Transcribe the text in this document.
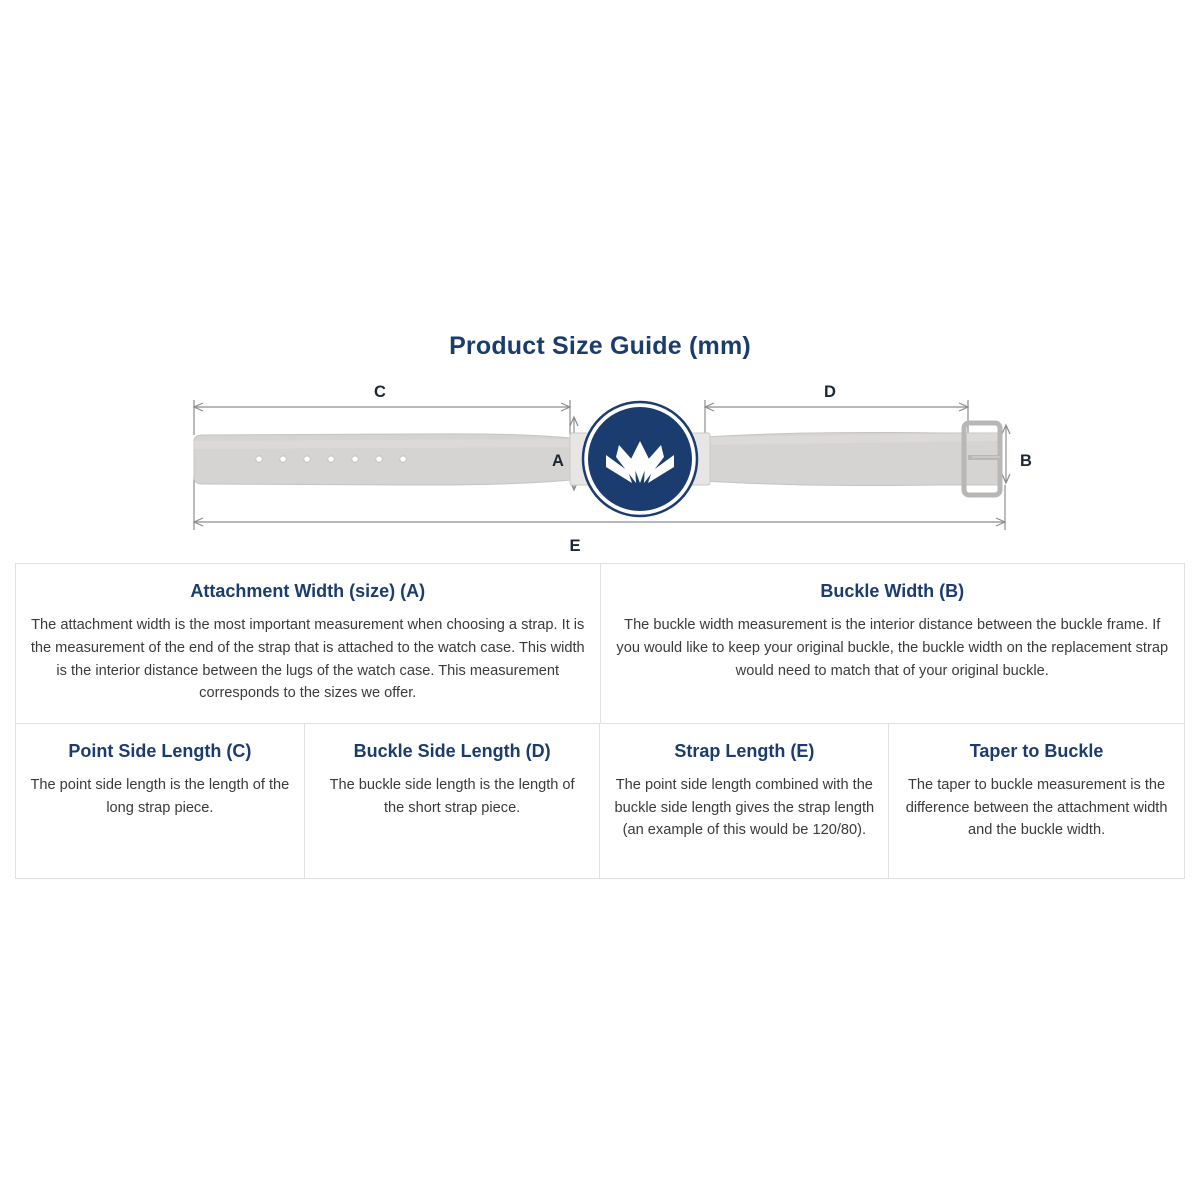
Product Size Guide (mm)
C	D
A	B
E
Attachment Width (size) (A)
The attachment width is the most important measurement when choosing a strap. It is the measurement of the end of the strap that is attached to the watch case. This width is the interior distance between the lugs of the watch case. This measurement corresponds to the sizes we offer.
Buckle Width (B)
The buckle width measurement is the interior distance between the buckle frame. If you would like to keep your original buckle, the buckle width on the replacement strap would need to match that of your original buckle.
Point Side Length (C)
The point side length is the length of the long strap piece.
Buckle Side Length (D)
The buckle side length is the length of the short strap piece.
Strap Length (E)
The point side length combined with the buckle side length gives the strap length (an example of this would be 120/80).
Taper to Buckle
The taper to buckle measurement is the difference between the attachment width and the buckle width.
